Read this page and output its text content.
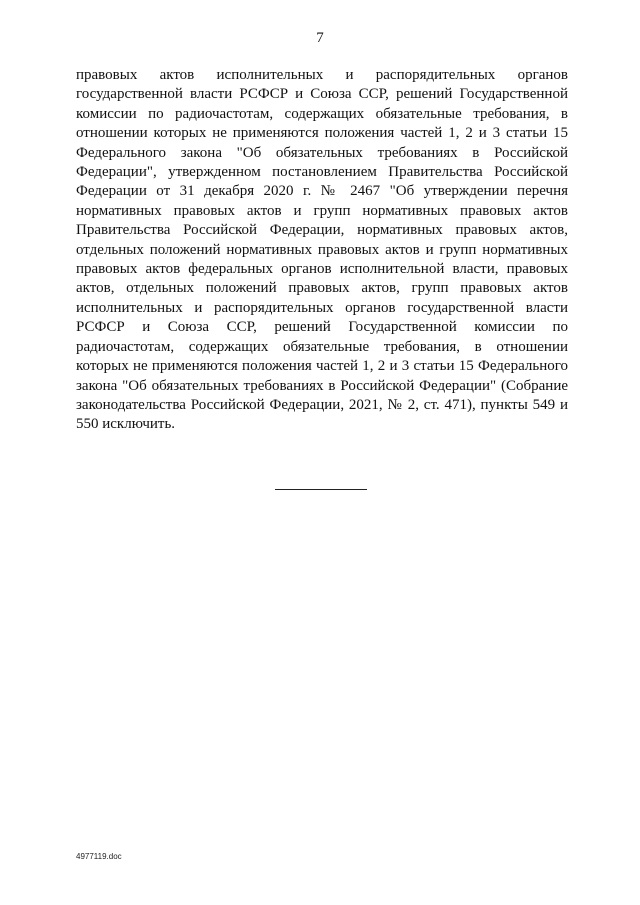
7

правовых актов исполнительных и распорядительных органов государственной власти РСФСР и Союза ССР, решений Государственной комиссии по радиочастотам, содержащих обязательные требования, в отношении которых не применяются положения частей 1, 2 и 3 статьи 15 Федерального закона "Об обязательных требованиях в Российской Федерации", утвержденном постановлением Правительства Российской Федерации от 31 декабря 2020 г. № 2467 "Об утверждении перечня нормативных правовых актов и групп нормативных правовых актов Правительства Российской Федерации, нормативных правовых актов, отдельных положений нормативных правовых актов и групп нормативных правовых актов федеральных органов исполнительной власти, правовых актов, отдельных положений правовых актов, групп правовых актов исполнительных и распорядительных органов государственной власти РСФСР и Союза ССР, решений Государственной комиссии по радиочастотам, содержащих обязательные требования, в отношении которых не применяются положения частей 1, 2 и 3 статьи 15 Федерального закона "Об обязательных требованиях в Российской Федерации" (Собрание законодательства Российской Федерации, 2021, № 2, ст. 471), пункты 549 и 550 исключить.

4977119.doc
